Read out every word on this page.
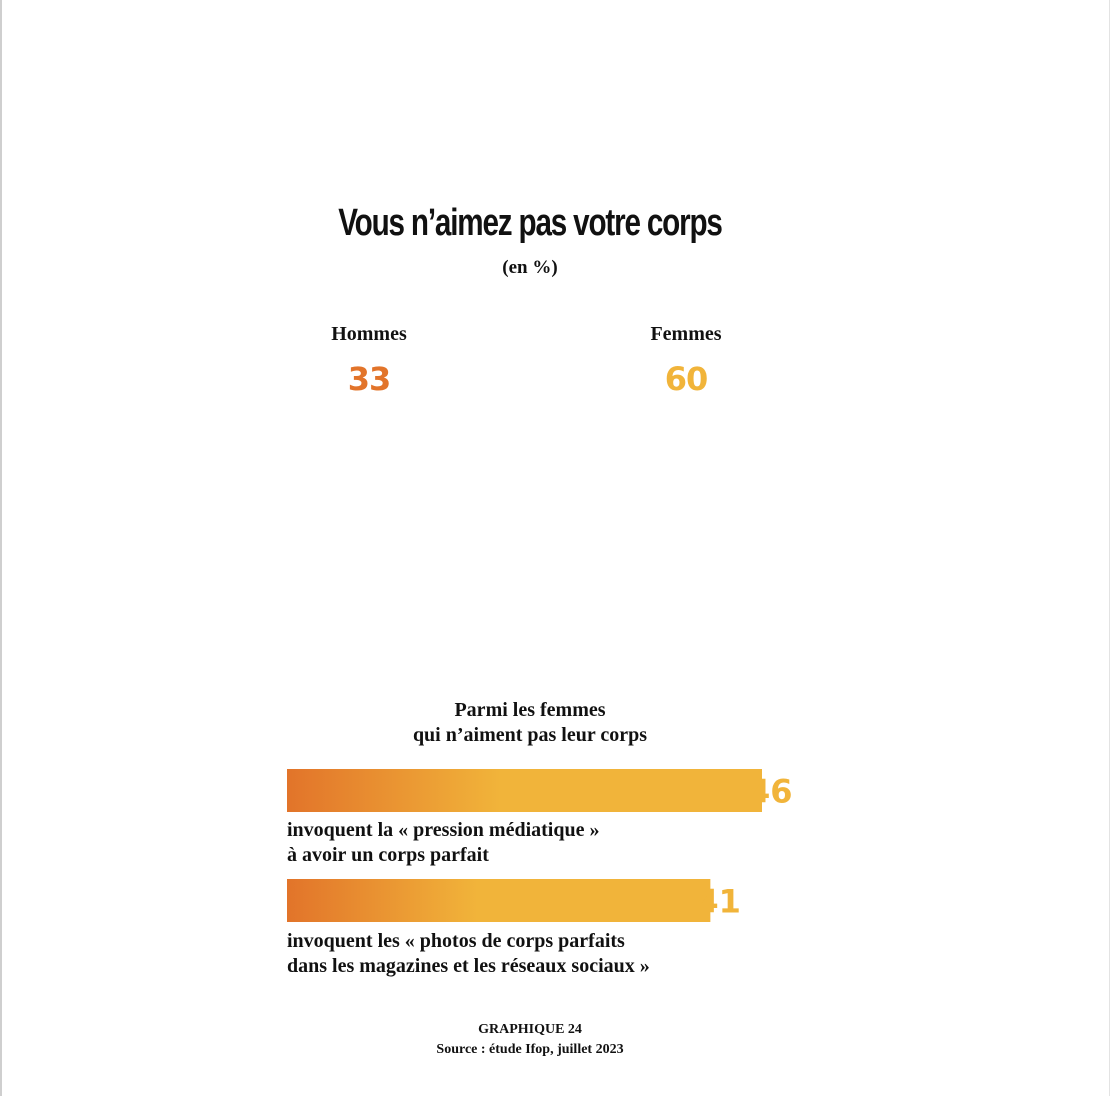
Vous n’aimez pas votre corps
(en %)
Hommes
33
Femmes
60
Parmi les femmes
qui n’aiment pas leur corps
46
41
invoquent la « pression médiatique »
à avoir un corps parfait
invoquent les « photos de corps parfaits
dans les magazines et les réseaux sociaux »
GRAPHIQUE 24
Source : étude Ifop, juillet 2023
